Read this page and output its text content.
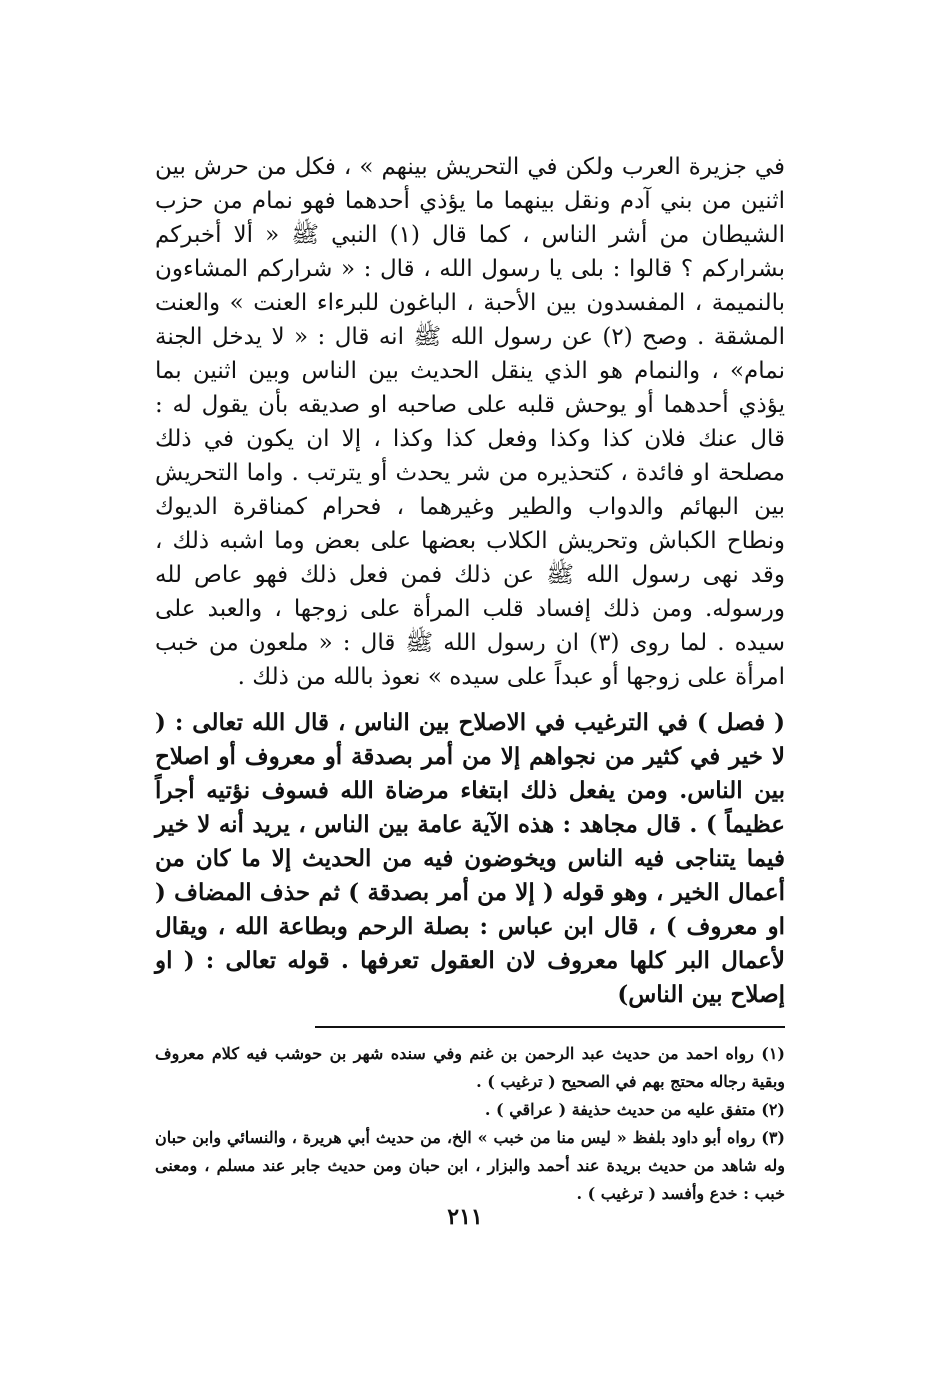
في جزيرة العرب ولكن في التحريش بينهم » ، فكل من حرش بين اثنين من بني آدم ونقل بينهما ما يؤذي أحدهما فهو نمام من حزب الشيطان من أشر الناس ، كما قال (١) النبي ﷺ « ألا أخبركم بشراركم ؟ قالوا : بلى يا رسول الله ، قال : « شراركم المشاءون بالنميمة ، المفسدون بين الأحبة ، الباغون للبرءاء العنت » والعنت المشقة . وصح (٢) عن رسول الله ﷺ انه قال : « لا يدخل الجنة نمام» ، والنمام هو الذي ينقل الحديث بين الناس وبين اثنين بما يؤذي أحدهما أو يوحش قلبه على صاحبه او صديقه بأن يقول له : قال عنك فلان كذا وكذا وفعل كذا وكذا ، إلا ان يكون في ذلك مصلحة او فائدة ، كتحذيره من شر يحدث أو يترتب . واما التحريش بين البهائم والدواب والطير وغيرهما ، فحرام كمناقرة الديوك ونطاح الكباش وتحريش الكلاب بعضها على بعض وما اشبه ذلك ، وقد نهى رسول الله ﷺ عن ذلك فمن فعل ذلك فهو عاص لله ورسوله. ومن ذلك إفساد قلب المرأة على زوجها ، والعبد على سيده . لما روى (٣) ان رسول الله ﷺ قال : « ملعون من خبب امرأة على زوجها أو عبداً على سيده » نعوذ بالله من ذلك .

( فصل ) في الترغيب في الاصلاح بين الناس ، قال الله تعالى : ( لا خير في كثير من نجواهم إلا من أمر بصدقة أو معروف أو اصلاح بين الناس. ومن يفعل ذلك ابتغاء مرضاة الله فسوف نؤتيه أجراً عظيماً ) . قال مجاهد : هذه الآية عامة بين الناس ، يريد أنه لا خير فيما يتناجى فيه الناس ويخوضون فيه من الحديث إلا ما كان من أعمال الخير ، وهو قوله ( إلا من أمر بصدقة ) ثم حذف المضاف ( او معروف ) ، قال ابن عباس : بصلة الرحم وبطاعة الله ، ويقال لأعمال البر كلها معروف لان العقول تعرفها . قوله تعالى : ( او إصلاح بين الناس)

(١) رواه احمد من حديث عبد الرحمن بن غنم وفي سنده شهر بن حوشب فيه كلام معروف وبقية رجاله محتج بهم في الصحيح ( ترغيب ) .

(٢) متفق عليه من حديث حذيفة ( عراقي ) .

(٣) رواه أبو داود بلفظ « ليس منا من خبب » الخ، من حديث أبي هريرة ، والنسائي وابن حبان وله شاهد من حديث بريدة عند أحمد والبزار ، ابن حبان ومن حديث جابر عند مسلم ، ومعنى خبب : خدع وأفسد ( ترغيب ) .

٢١١
